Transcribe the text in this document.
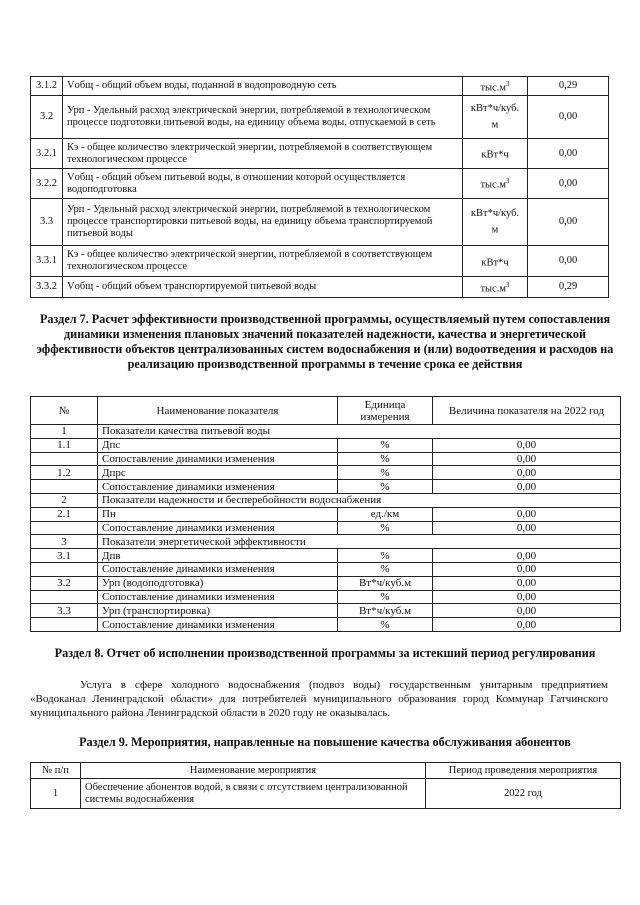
3.1.2	Vобщ - общий объем воды, поданной в водопроводную сеть	$тыс.м^3$	0,29
3.2	Урп - Удельный расход электрической энергии, потребляемой в технологическом процессе подготовки питьевой воды, на единицу объема воды, отпускаемой в сеть	кВт*ч/куб. м	0,00
3.2.1	Кэ - общее количество электрической энергии, потребляемой в соответствующем технологическом процессе	кВт*ч	0,00
3.2.2	Vобщ - общий объем питьевой воды, в отношении которой осуществляется водоподготовка	$тыс.м^3$	0,00
3.3	Урп - Удельный расход электрической энергии, потребляемой в технологическом процессе транспортировки питьевой воды, на единицу объема транспортируемой питьевой воды	кВт*ч/куб. м	0,00
3.3.1	Кэ - общее количество электрической энергии, потребляемой в соответствующем технологическом процессе	кВт*ч	0,00
3.3.2	Vобщ - общий объем транспортируемой питьевой воды	$тыс.м^3$	0,29
Раздел 7. Расчет эффективности производственной программы, осуществляемый путем сопоставления динамики изменения плановых значений показателей надежности, качества и энергетической эффективности объектов централизованных систем водоснабжения и (или) водоотведения и расходов на реализацию производственной программы в течение срока ее действия
№	Наименование показателя	Единица измерения	Величина показателя на 2022 год
1	Показатели качества питьевой воды		
1.1	Дпс	%	0,00
	Сопоставление динамики изменения	%	0,00
1.2	Дпрс	%	0,00
	Сопоставление динамики изменения	%	0,00
2	Показатели надежности и бесперебойности водоснабжения		
2.1	Пн	ед./км	0,00
	Сопоставление динамики изменения	%	0,00
3	Показатели энергетической эффективности		
3.1	Дпв	%	0,00
	Сопоставление динамики изменения	%	0,00
3.2	Урп (водоподготовка)	Вт*ч/куб.м	0,00
	Сопоставление динамики изменения	%	0,00
3.3	Урп (транспортировка)	Вт*ч/куб.м	0,00
	Сопоставление динамики изменения	%	0,00
Раздел 8. Отчет об исполнении производственной программы за истекший период регулирования
Услуга в сфере холодного водоснабжения (подвоз воды) государственным унитарным предприятием «Водоканал Ленинградской области» для потребителей муниципального образования город Коммунар Гатчинского муниципального района Ленинградской области в 2020 году не оказывалась.
Раздел 9. Мероприятия, направленные на повышение качества обслуживания абонентов
№ п/п	Наименование мероприятия	Период проведения мероприятия
1	Обеспечение абонентов водой, в связи с отсутствием централизованной системы водоснабжения	2022 год
